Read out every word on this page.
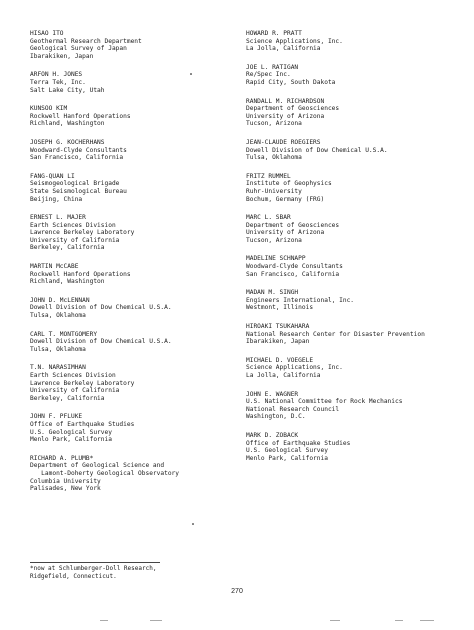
HISAO ITO
Geothermal Research Department
Geological Survey of Japan
Ibarakiken, Japan
ARFON H. JONES
Terra Tek, Inc.
Salt Lake City, Utah
KUNSOO KIM
Rockwell Hanford Operations
Richland, Washington
JOSEPH G. KOCHERHANS
Woodward-Clyde Consultants
San Francisco, California
FANG-QUAN LI
Seismogeological Brigade
State Seismological Bureau
Beijing, China
ERNEST L. MAJER
Earth Sciences Division
Lawrence Berkeley Laboratory
University of California
Berkeley, California
MARTIN McCABE
Rockwell Hanford Operations
Richland, Washington
JOHN D. McLENNAN
Dowell Division of Dow Chemical U.S.A.
Tulsa, Oklahoma
CARL T. MONTGOMERY
Dowell Division of Dow Chemical U.S.A.
Tulsa, Oklahoma
T.N. NARASIMHAN
Earth Sciences Division
Lawrence Berkeley Laboratory
University of California
Berkeley, California
JOHN F. PFLUKE
Office of Earthquake Studies
U.S. Geological Survey
Menlo Park, California
RICHARD A. PLUMB*
Department of Geological Science and
Lamont-Doherty Geological Observatory
Columbia University
Palisades, New York
HOWARD R. PRATT
Science Applications, Inc.
La Jolla, California
JOE L. RATIGAN
Re/Spec Inc.
Rapid City, South Dakota
RANDALL M. RICHARDSON
Department of Geosciences
University of Arizona
Tucson, Arizona
JEAN-CLAUDE ROEGIERS
Dowell Division of Dow Chemical U.S.A.
Tulsa, Oklahoma
FRITZ RUMMEL
Institute of Geophysics
Ruhr-University
Bochum, Germany (FRG)
MARC L. SBAR
Department of Geosciences
University of Arizona
Tucson, Arizona
MADELINE SCHNAPP
Woodward-Clyde Consultants
San Francisco, California
MADAN M. SINGH
Engineers International, Inc.
Westmont, Illinois
HIROAKI TSUKAHARA
National Research Center for Disaster Prevention
Ibarakiken, Japan
MICHAEL D. VOEGELE
Science Applications, Inc.
La Jolla, California
JOHN E. WAGNER
U.S. National Committee for Rock Mechanics
National Research Council
Washington, D.C.
MARK D. ZOBACK
Office of Earthquake Studies
U.S. Geological Survey
Menlo Park, California
*now at Schlumberger-Doll Research,
Ridgefield, Connecticut.
270
